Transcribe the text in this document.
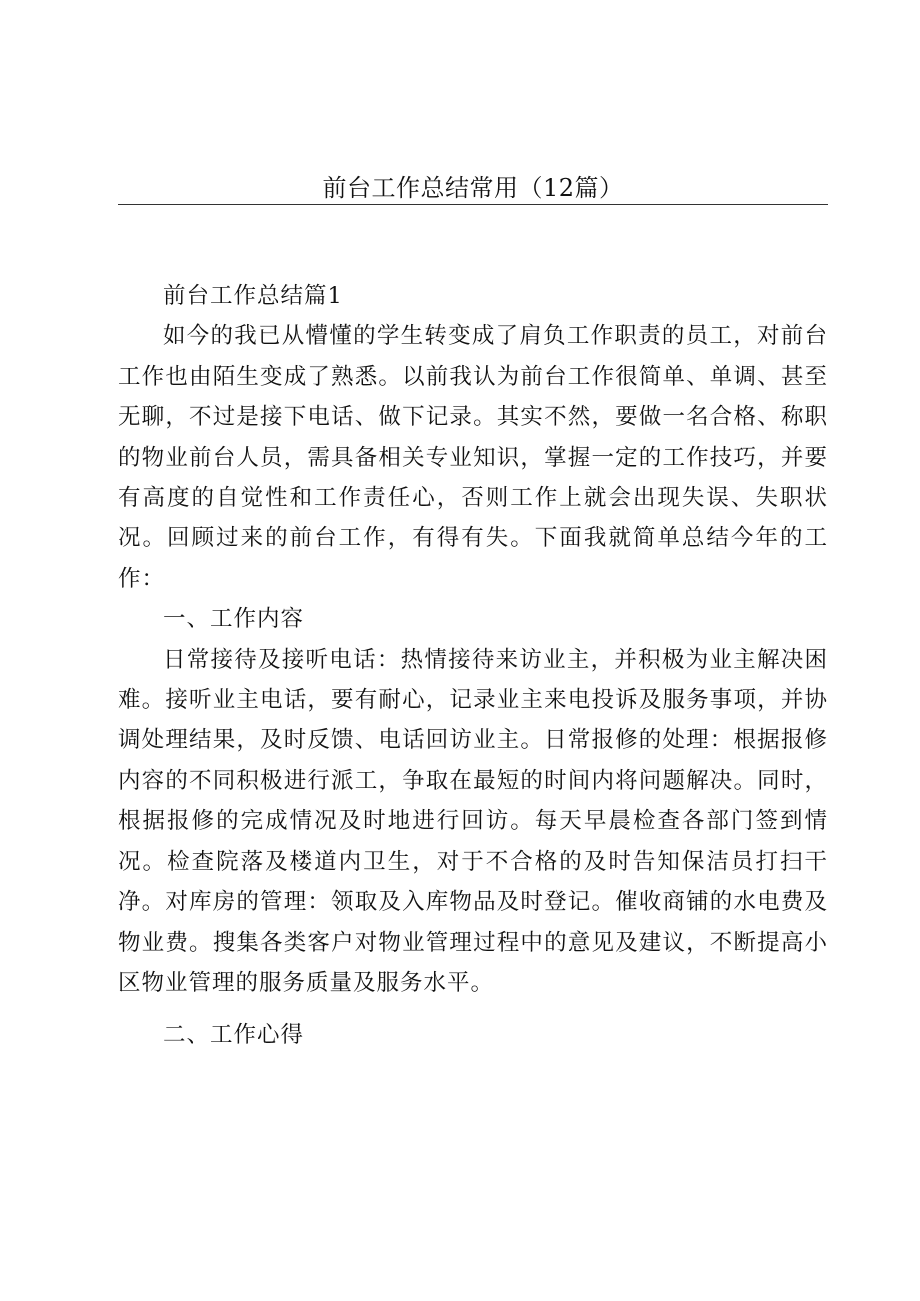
前台工作总结常用（12篇）

前台工作总结篇1

如今的我已从懵懂的学生转变成了肩负工作职责的员工，对前台工作也由陌生变成了熟悉。以前我认为前台工作很简单、单调、甚至无聊，不过是接下电话、做下记录。其实不然，要做一名合格、称职的物业前台人员，需具备相关专业知识，掌握一定的工作技巧，并要有高度的自觉性和工作责任心，否则工作上就会出现失误、失职状况。回顾过来的前台工作，有得有失。下面我就简单总结今年的工作：

一、工作内容

日常接待及接听电话：热情接待来访业主，并积极为业主解决困难。接听业主电话，要有耐心，记录业主来电投诉及服务事项，并协调处理结果，及时反馈、电话回访业主。日常报修的处理：根据报修内容的不同积极进行派工，争取在最短的时间内将问题解决。同时，根据报修的完成情况及时地进行回访。每天早晨检查各部门签到情况。检查院落及楼道内卫生，对于不合格的及时告知保洁员打扫干净。对库房的管理：领取及入库物品及时登记。催收商铺的水电费及物业费。搜集各类客户对物业管理过程中的意见及建议，不断提高小区物业管理的服务质量及服务水平。

二、工作心得
